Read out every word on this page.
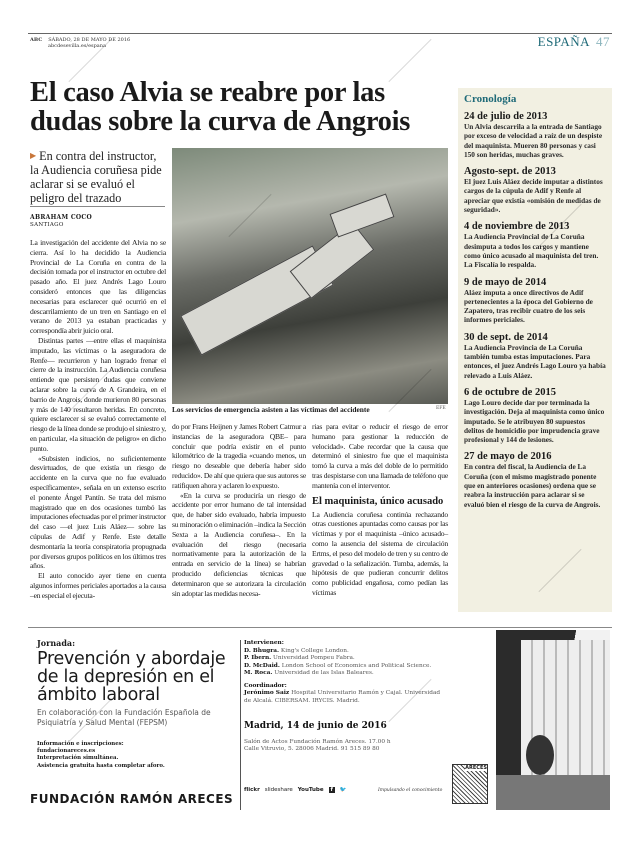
ABC SÁBADO, 28 DE MAYO DE 2016
abcdesevilla.es/espana	ESPAÑA 47
El caso Alvia se reabre por las dudas sobre la curva de Angrois
▶ En contra del instructor, la Audiencia coruñesa pide aclarar si se evaluó el peligro del trazado
ABRAHAM COCO
SANTIAGO

La investigación del accidente del Alvia no se cierra. Así lo ha decidido la Audiencia Provincial de La Coruña en contra de la decisión tomada por el instructor en octubre del pasado año. El juez Andrés Lago Louro consideró entonces que las diligencias necesarias para esclarecer qué ocurrió en el descarrilamiento de un tren en Santiago en el verano de 2013 ya estaban practicadas y correspondía abrir juicio oral.

Distintas partes —entre ellas el maquinista imputado, las víctimas o la aseguradora de Renfe— recurrieron y han logrado frenar el cierre de la instrucción. La Audiencia coruñesa entiende que persisten dudas que conviene aclarar sobre la curva de A Grandeira, en el barrio de Angrois, donde murieron 80 personas y más de 140 resultaron heridas. En concreto, quiere esclarecer si se evaluó correctamente el riesgo de la línea donde se produjo el siniestro y, en particular, «la situación de peligro» en dicho punto.

«Subsisten indicios, no suficientemente desvirtuados, de que existía un riesgo de accidente en la curva que no fue evaluado específicamente», señala en un extenso escrito el ponente Ángel Pantín. Se trata del mismo magistrado que en dos ocasiones tumbó las imputaciones efectuadas por el primer instructor del caso —el juez Luis Aláez— sobre las cúpulas de Adif y Renfe. Este detalle desmontaría la teoría conspiratoria propugnada por diversos grupos políticos en los últimos tres años.

El auto conocido ayer tiene en cuenta algunos informes periciales aportados a la causa –en especial el ejecuta-

Los servicios de emergencia asisten a las víctimas del accidente	EFE

do por Frans Heijnen y James Robert Catmur a instancias de la aseguradora QBE– para concluir que podría existir en el punto kilométrico de la tragedia «cuando menos, un riesgo no deseable que debería haber sido reducido». De ahí que quiera que sus autores se ratifiquen ahora y aclaren lo expuesto.

«En la curva se produciría un riesgo de accidente por error humano de tal intensidad que, de haber sido evaluado, habría impuesto su minoración o eliminación –indica la Sección Sexta a la Audiencia coruñesa–. En la evaluación del riesgo (necesaria normativamente para la autorización de la entrada en servicio de la línea) se habrían producido deficiencias técnicas que determinaron que se autorizara la circulación sin adoptar las medidas necesa-

rias para evitar o reducir el riesgo de error humano para gestionar la reducción de velocidad». Cabe recordar que la causa que determinó el siniestro fue que el maquinista tomó la curva a más del doble de lo permitido tras despistarse con una llamada de teléfono que mantenía con el interventor.

El maquinista, único acusado

La Audiencia coruñesa continúa rechazando otras cuestiones apuntadas como causas por las víctimas y por el maquinista –único acusado– como la ausencia del sistema de circulación Ertms, el peso del modelo de tren y su centro de gravedad o la señalización. Tumba, además, la hipótesis de que pudieran concurrir delitos como publicidad engañosa, como pedían las víctimas

Cronología
24 de julio de 2013
Un Alvia descarrila a la entrada de Santiago por exceso de velocidad a raíz de un despiste del maquinista. Mueren 80 personas y casi 150 son heridas, muchas graves.
Agosto-sept. de 2013
El juez Luis Aláez decide imputar a distintos cargos de la cúpula de Adif y Renfe al apreciar que existía «omisión de medidas de seguridad».
4 de noviembre de 2013
La Audiencia Provincial de La Coruña desimputa a todos los cargos y mantiene como único acusado al maquinista del tren. La Fiscalía lo respalda.
9 de mayo de 2014
Aláez imputa a once directivos de Adif pertenecientes a la época del Gobierno de Zapatero, tras recibir cuatro de los seis informes periciales.
30 de sept. de 2014
La Audiencia Provincia de La Coruña también tumba estas imputaciones. Para entonces, el juez Andrés Lago Louro ya había relevado a Luis Aláez.
6 de octubre de 2015
Lago Louro decide dar por terminada la investigación. Deja al maquinista como único imputado. Se le atribuyen 80 supuestos delitos de homicidio por imprudencia grave profesional y 144 de lesiones.
27 de mayo de 2016
En contra del fiscal, la Audiencia de La Coruña (con el mismo magistrado ponente que en anteriores ocasiones) ordena que se reabra la instrucción para aclarar si se evaluó bien el riesgo de la curva de Angrois.
Jornada:
Prevención y abordaje de la depresión en el ámbito laboral
En colaboración con la Fundación Española de Psiquiatría y Salud Mental (FEPSM)
Información e inscripciones:
fundacionareces.es
Interpretación simultánea.
Asistencia gratuita hasta completar aforo.
FUNDACIÓN RAMÓN ARECES
Intervienen:
D. Bhugra. King's College London.
P. Ibern. Universidad Pompeu Fabra.
D. McDaid. London School of Economics and Political Science.
M. Roca. Universidad de las Islas Baleares.
Coordinador:
Jerónimo Saiz Hospital Universitario Ramón y Cajal. Universidad de Alcalá. CIBERSAM. IRYCIS. Madrid.
Madrid, 14 de junio de 2016
Salón de Actos Fundación Ramón Areces. 17.00 h
Calle Vitruvio, 5. 28006 Madrid. 91 515 89 80
flickr slideshare YouTube f 🐦	Impulsando el conocimiento
ARECES
